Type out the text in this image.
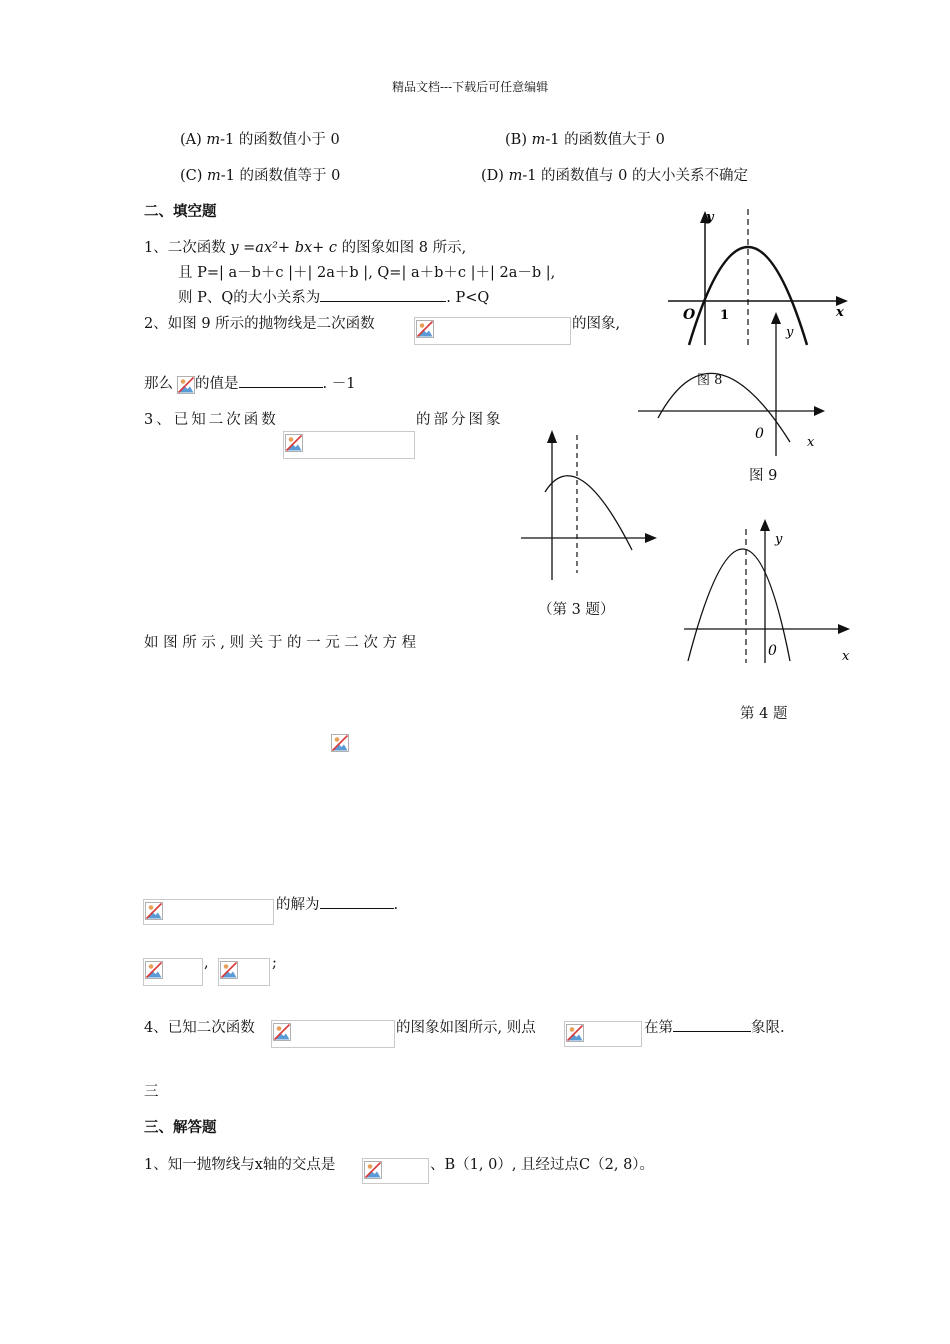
精品文档---下载后可任意编辑
(A) m-1 的函数值小于 0	(B) m-1 的函数值大于 0
(C) m-1 的函数值等于 0	(D) m-1 的函数值与 0 的大小关系不确定
二、填空题
1、二次函数 y =ax²+ bx+ c 的图象如图 8 所示,
且 P=| a－b＋c |＋| 2a＋b |, Q=| a＋b＋c |＋| 2a－b |,
则 P、Q的大小关系为	. P<Q
2、如图 9 所示的抛物线是二次函数	的图象,
那么 的值是	. －1
3、已知二次函数	的部分图象
如 图 所 示 , 则 关 于 的 一 元 二 次 方 程
的解为	.
,	;
4、已知二次函数	的图象如图所示, 则点	在第	象限.
三
三、解答题
1、知一抛物线与x轴的交点是	、B（1, 0）, 且经过点C（2, 8）。
y
x
O 1
y
x
0
图 8
图 9
（第 3 题）
y
x
0
第 4 题
